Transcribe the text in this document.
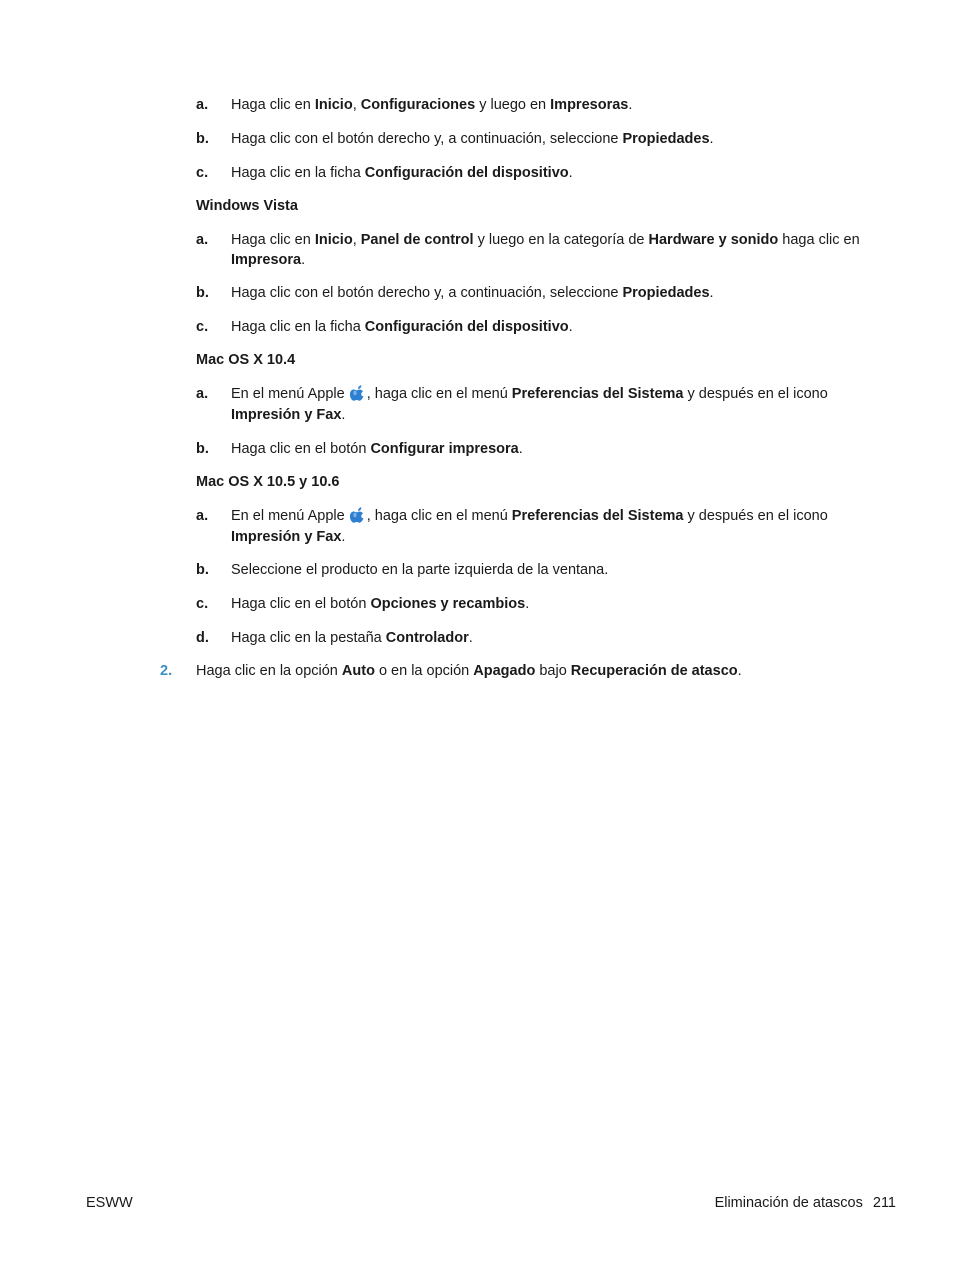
a. Haga clic en Inicio, Configuraciones y luego en Impresoras.
b. Haga clic con el botón derecho y, a continuación, seleccione Propiedades.
c. Haga clic en la ficha Configuración del dispositivo.
Windows Vista
a. Haga clic en Inicio, Panel de control y luego en la categoría de Hardware y sonido haga clic en Impresora.
b. Haga clic con el botón derecho y, a continuación, seleccione Propiedades.
c. Haga clic en la ficha Configuración del dispositivo.
Mac OS X 10.4
a. En el menú Apple , haga clic en el menú Preferencias del Sistema y después en el icono Impresión y Fax.
b. Haga clic en el botón Configurar impresora.
Mac OS X 10.5 y 10.6
a. En el menú Apple , haga clic en el menú Preferencias del Sistema y después en el icono Impresión y Fax.
b. Seleccione el producto en la parte izquierda de la ventana.
c. Haga clic en el botón Opciones y recambios.
d. Haga clic en la pestaña Controlador.
2. Haga clic en la opción Auto o en la opción Apagado bajo Recuperación de atasco.
ESWW	Eliminación de atascos 211
